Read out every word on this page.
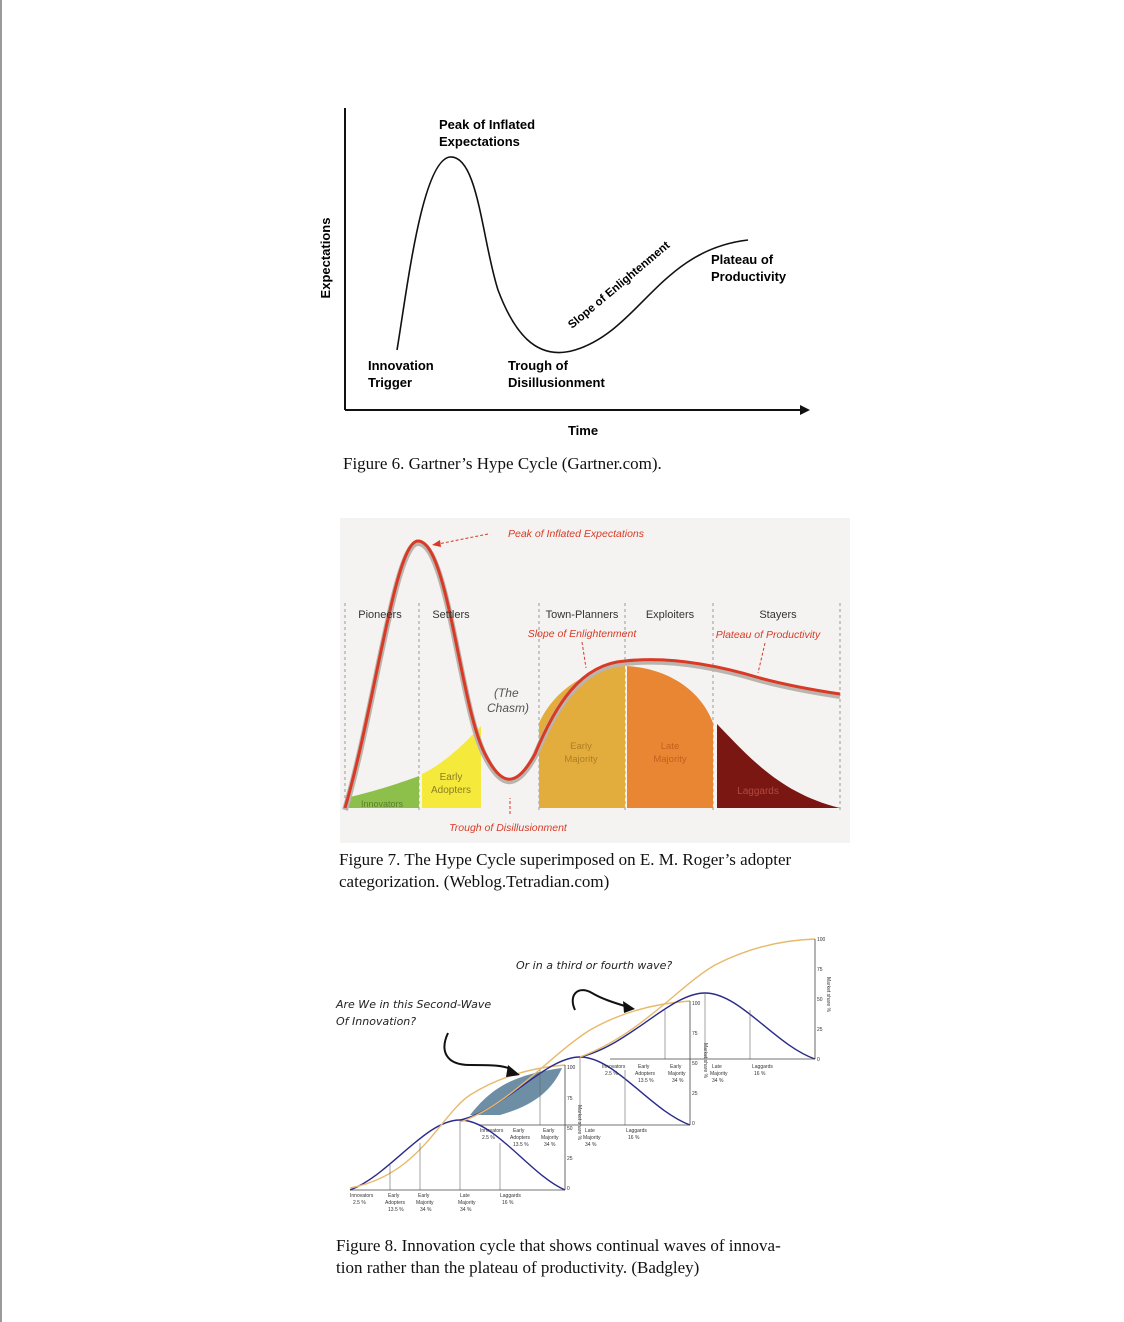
Expectations
Time
Peak of Inflated Expectations
Slope of Enlightenment	Plateau of Productivity
Innovation Trigger
Trough of Disillusionment
Figure 6. Gartner’s Hype Cycle (Gartner.com).
Peak of Inflated Expectations
Pioneers	Settlers	Town-Planners Exploiters	Stayers
Slope of Enlightenment	Plateau of Productivity
(The Chasm)
Innovators
Early Adopters
Early Majority
Late Majority
Laggards
Trough of Disillusionment
Figure 7. The Hype Cycle superimposed on E. M. Roger’s adopter
categorization. (Weblog.Tetradian.com)
Market share %
100
75
50
25
0
Innovators
2.5 %
Early
Adopters
13.5 %
Early
Majority
34 %
Late
Majority
34 %
Laggards
16 %
Market share %
100
75
50
25
0
Innovators
2.5 %
Early
Adopters
13.5 %
Early
Majority
34 %
Late
Majority
34 %
Laggards
16 %
Market share %
100
75
50
25
0
Innovators
2.5 %
Early
Adopters
13.5 %
Early
Majority
34 %
Late
Majority
34 %
Laggards
16 %
Or in a third or fourth wave?
Are We in this Second-Wave Of Innovation?
Figure 8. Innovation cycle that shows continual waves of innova-
tion rather than the plateau of productivity. (Badgley)
